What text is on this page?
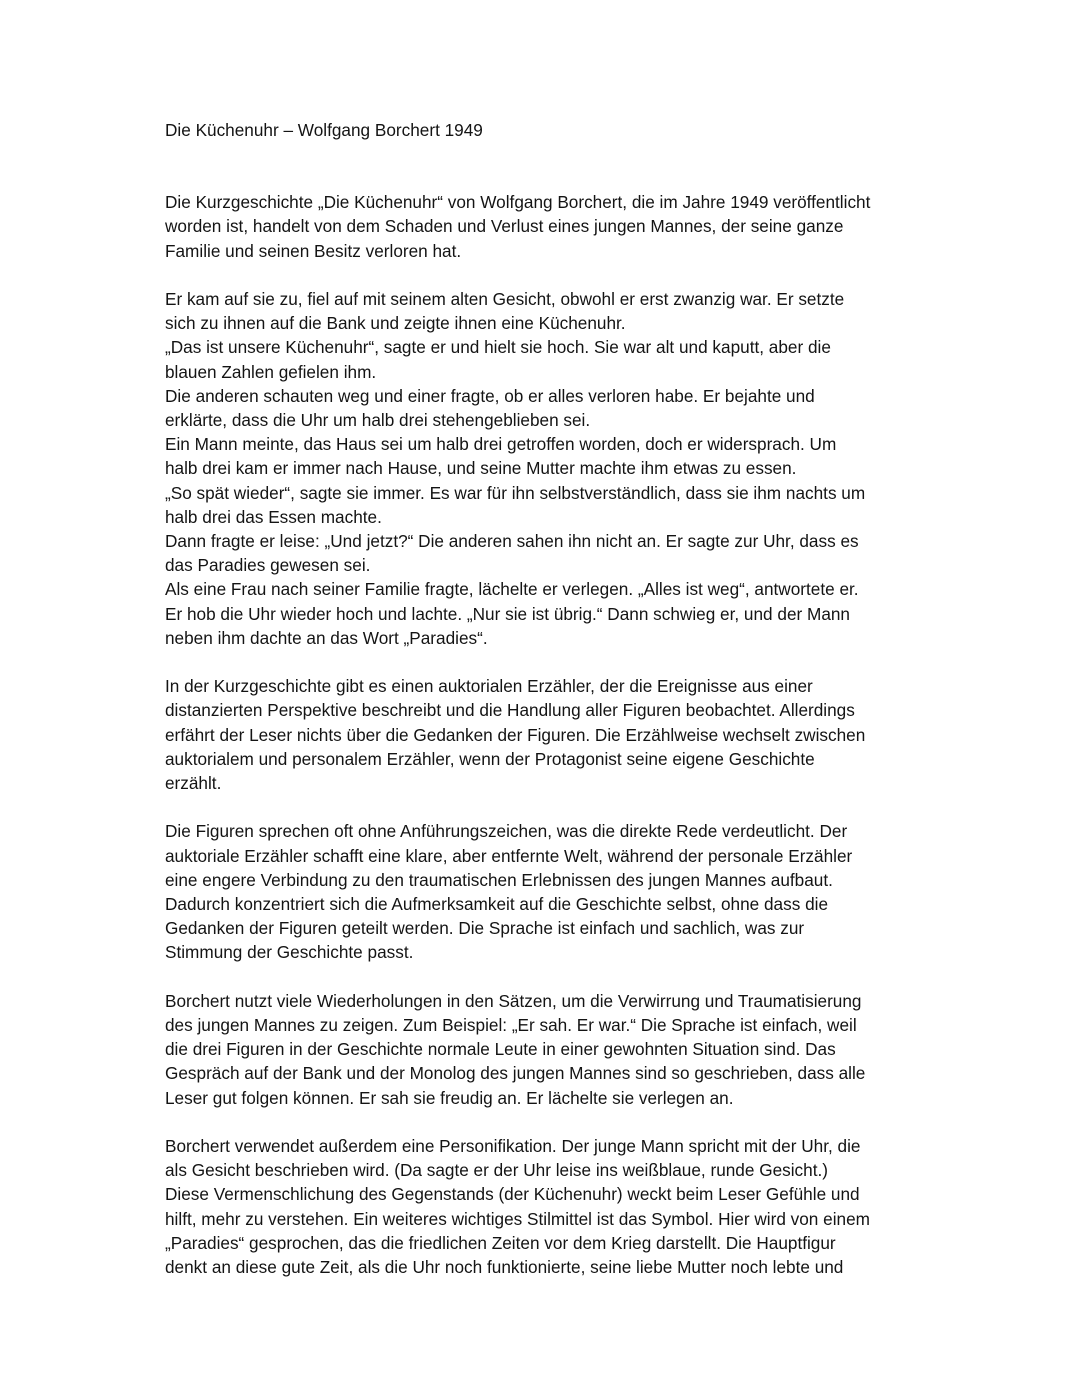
Die Küchenuhr – Wolfgang Borchert 1949
Die Kurzgeschichte „Die Küchenuhr“ von Wolfgang Borchert, die im Jahre 1949 veröffentlicht
worden ist, handelt von dem Schaden und Verlust eines jungen Mannes, der seine ganze
Familie und seinen Besitz verloren hat.
Er kam auf sie zu, fiel auf mit seinem alten Gesicht, obwohl er erst zwanzig war. Er setzte
sich zu ihnen auf die Bank und zeigte ihnen eine Küchenuhr.
„Das ist unsere Küchenuhr“, sagte er und hielt sie hoch. Sie war alt und kaputt, aber die
blauen Zahlen gefielen ihm.
Die anderen schauten weg und einer fragte, ob er alles verloren habe. Er bejahte und
erklärte, dass die Uhr um halb drei stehengeblieben sei.
Ein Mann meinte, das Haus sei um halb drei getroffen worden, doch er widersprach. Um
halb drei kam er immer nach Hause, und seine Mutter machte ihm etwas zu essen.
„So spät wieder“, sagte sie immer. Es war für ihn selbstverständlich, dass sie ihm nachts um
halb drei das Essen machte.
Dann fragte er leise: „Und jetzt?“ Die anderen sahen ihn nicht an. Er sagte zur Uhr, dass es
das Paradies gewesen sei.
Als eine Frau nach seiner Familie fragte, lächelte er verlegen. „Alles ist weg“, antwortete er.
Er hob die Uhr wieder hoch und lachte. „Nur sie ist übrig.“ Dann schwieg er, und der Mann
neben ihm dachte an das Wort „Paradies“.
In der Kurzgeschichte gibt es einen auktorialen Erzähler, der die Ereignisse aus einer
distanzierten Perspektive beschreibt und die Handlung aller Figuren beobachtet. Allerdings
erfährt der Leser nichts über die Gedanken der Figuren. Die Erzählweise wechselt zwischen
auktorialem und personalem Erzähler, wenn der Protagonist seine eigene Geschichte
erzählt.
Die Figuren sprechen oft ohne Anführungszeichen, was die direkte Rede verdeutlicht. Der
auktoriale Erzähler schafft eine klare, aber entfernte Welt, während der personale Erzähler
eine engere Verbindung zu den traumatischen Erlebnissen des jungen Mannes aufbaut.
Dadurch konzentriert sich die Aufmerksamkeit auf die Geschichte selbst, ohne dass die
Gedanken der Figuren geteilt werden. Die Sprache ist einfach und sachlich, was zur
Stimmung der Geschichte passt.
Borchert nutzt viele Wiederholungen in den Sätzen, um die Verwirrung und Traumatisierung
des jungen Mannes zu zeigen. Zum Beispiel: „Er sah. Er war.“ Die Sprache ist einfach, weil
die drei Figuren in der Geschichte normale Leute in einer gewohnten Situation sind. Das
Gespräch auf der Bank und der Monolog des jungen Mannes sind so geschrieben, dass alle
Leser gut folgen können. Er sah sie freudig an. Er lächelte sie verlegen an.
Borchert verwendet außerdem eine Personifikation. Der junge Mann spricht mit der Uhr, die
als Gesicht beschrieben wird. (Da sagte er der Uhr leise ins weißblaue, runde Gesicht.)
Diese Vermenschlichung des Gegenstands (der Küchenuhr) weckt beim Leser Gefühle und
hilft, mehr zu verstehen. Ein weiteres wichtiges Stilmittel ist das Symbol. Hier wird von einem
„Paradies“ gesprochen, das die friedlichen Zeiten vor dem Krieg darstellt. Die Hauptfigur
denkt an diese gute Zeit, als die Uhr noch funktionierte, seine liebe Mutter noch lebte und
